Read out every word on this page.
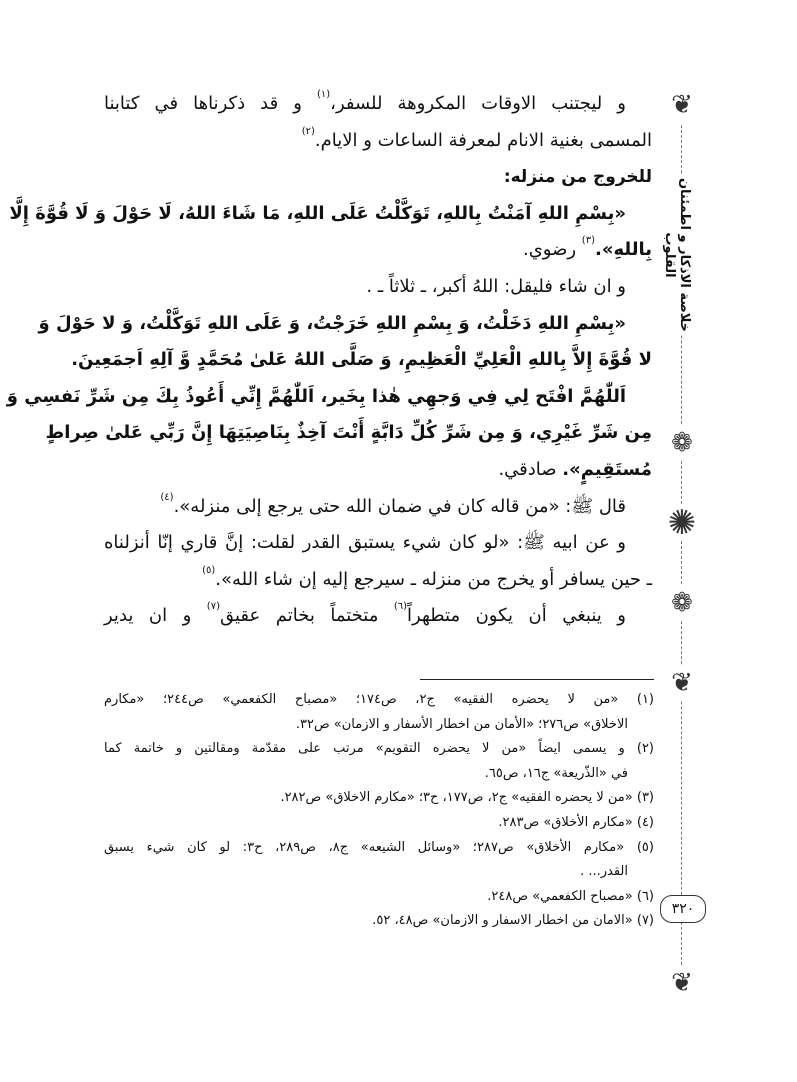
❦
خلاصة الاذكار و اطمئنان القلوب
❁
✺
❁
❦
٣٢٠
❦
و ليجتنب الاوقات المكروهة للسفر،$^{(١)}$ و قد ذكرناها في كتابنا
المسمى بغنية الانام لمعرفة الساعات و الايام.$^{(٢)}$
للخروج من منزله:
«بِسْمِ اللهِ آمَنْتُ بِاللهِ، تَوَكَّلْتُ عَلَى اللهِ، مَا شَاءَ اللهُ، لَا حَوْلَ وَ لَا قُوَّةَ إِلَّا
بِاللهِ».$^{(٣)}$ رضوي.
و ان شاء فليقل: اللهُ أكبر، ـ ثلاثاً ـ .
«بِسْمِ اللهِ دَخَلْتُ، وَ بِسْمِ اللهِ خَرَجْتُ، وَ عَلَى اللهِ تَوَكَّلْتُ، وَ لا حَوْلَ وَ
لا قُوَّةَ إِلاَّ بِاللهِ الْعَلِيِّ الْعَظِيمِ، وَ صَلَّى اللهُ عَلىٰ مُحَمَّدٍ وَّ آلِهِ اَجمَعِينَ.
اَللّٰهُمَّ افْتَح لِي فِي وَجهِي هٰذا بِخَير، اَللّٰهُمَّ إِنِّي أَعُوذُ بِكَ مِن شَرِّ نَفسِي وَ
مِن شَرِّ غَيْرِي، وَ مِن شَرِّ كُلِّ دَابَّةٍ أَنْتَ آخِذٌ بِنَاصِيَتِهَا إِنَّ رَبِّي عَلىٰ صِراطٍ
مُستَقِيمٍ». صادقي.
قال ﷺ: «من قاله كان في ضمان الله حتى يرجع إلى منزله».$^{(٤)}$
و عن ابيه ﷺ: «لو كان شيء يستبق القدر لقلت: إنَّ قاري إنّا أنزلناه
ـ حين يسافر أو يخرج من منزله ـ سيرجع إليه إن شاء الله».$^{(٥)}$
و ينبغي أن يكون متطهراً$^{(٦)}$ متختماً بخاتم عقيق$^{(٧)}$ و ان يدير
(١) «من لا يحضره الفقيه» ج٢، ص١٧٤؛ «مصباح الكفعمي» ص٢٤٤؛ «مكارم
الاخلاق» ص٢٧٦؛ «الأمان من اخطار الأسفار و الازمان» ص٣٢.
(٢) و يسمى ايضاً «من لا يحضره التقويم» مرتب على مقدّمة ومقالتين و خاتمة كما
في «الذّريعة» ج١٦، ص٦٥.
(٣) «من لا يحضره الفقيه» ج٢، ص١٧٧، ح٣؛ «مكارم الاخلاق» ص٢٨٢.
(٤) «مكارم الأخلاق» ص٢٨٣.
(٥) «مكارم الأخلاق» ص٢٨٧؛ «وسائل الشيعه» ج٨، ص٢٨٩، ح٣: لو كان شيء يسبق
القدر... .
(٦) «مصباح الكفعمي» ص٢٤٨.
(٧) «الامان من اخطار الاسفار و الازمان» ص٤٨، ٥٢.
